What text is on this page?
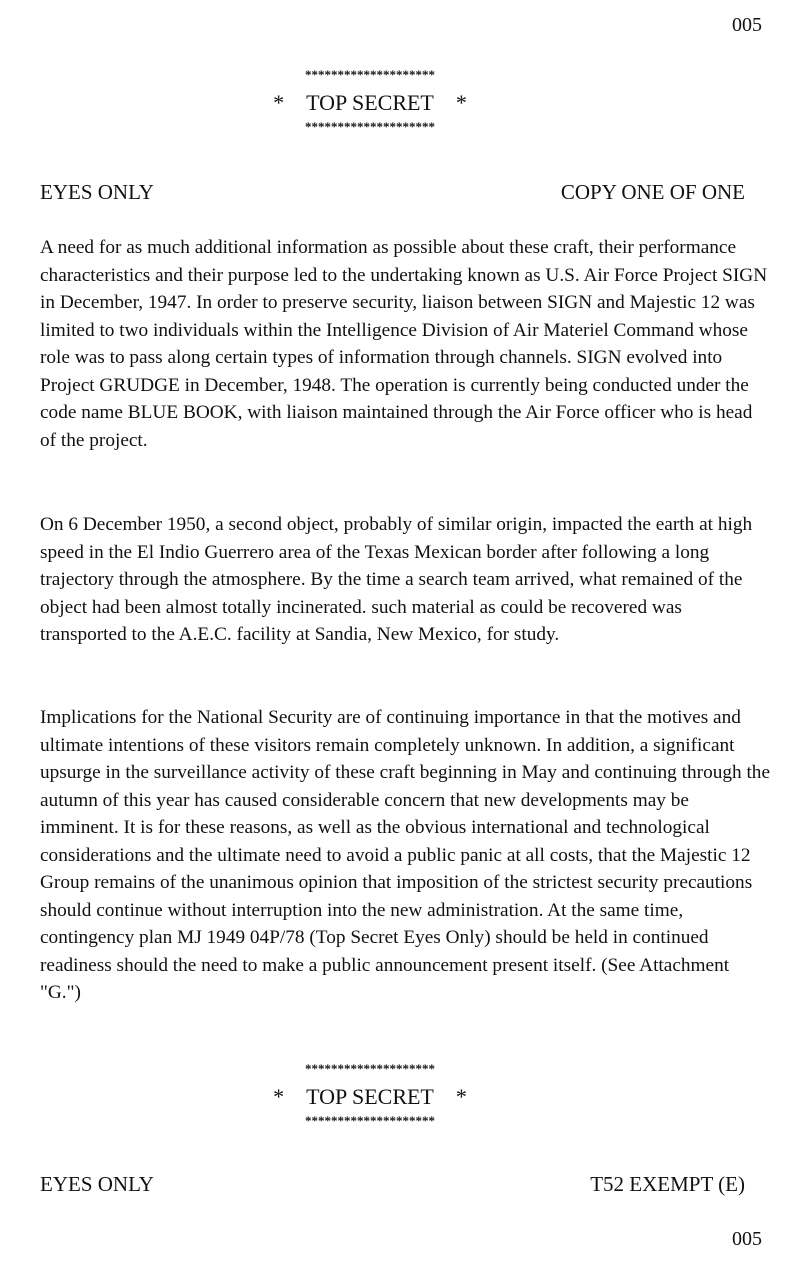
005
********************
* TOP SECRET *
********************
EYES ONLY	COPY ONE OF ONE

A need for as much additional information as possible about these craft, their performance characteristics and their purpose led to the undertaking known as U.S. Air Force Project SIGN in December, 1947. In order to preserve security, liaison between SIGN and Majestic 12 was limited to two individuals within the Intelligence Division of Air Materiel Command whose role was to pass along certain types of information through channels. SIGN evolved into Project GRUDGE in December, 1948. The operation is currently being conducted under the code name BLUE BOOK, with liaison maintained through the Air Force officer who is head of the project.

On 6 December 1950, a second object, probably of similar origin, impacted the earth at high speed in the El Indio Guerrero area of the Texas Mexican border after following a long trajectory through the atmosphere. By the time a search team arrived, what remained of the object had been almost totally incinerated. such material as could be recovered was transported to the A.E.C. facility at Sandia, New Mexico, for study.

Implications for the National Security are of continuing importance in that the motives and ultimate intentions of these visitors remain completely unknown. In addition, a significant upsurge in the surveillance activity of these craft beginning in May and continuing through the autumn of this year has caused considerable concern that new developments may be imminent. It is for these reasons, as well as the obvious international and technological considerations and the ultimate need to avoid a public panic at all costs, that the Majestic 12 Group remains of the unanimous opinion that imposition of the strictest security precautions should continue without interruption into the new administration. At the same time, contingency plan MJ 1949 04P/78 (Top Secret Eyes Only) should be held in continued readiness should the need to make a public announcement present itself. (See Attachment "G.")

********************
* TOP SECRET *
********************
EYES ONLY	T52 EXEMPT (E)
005
